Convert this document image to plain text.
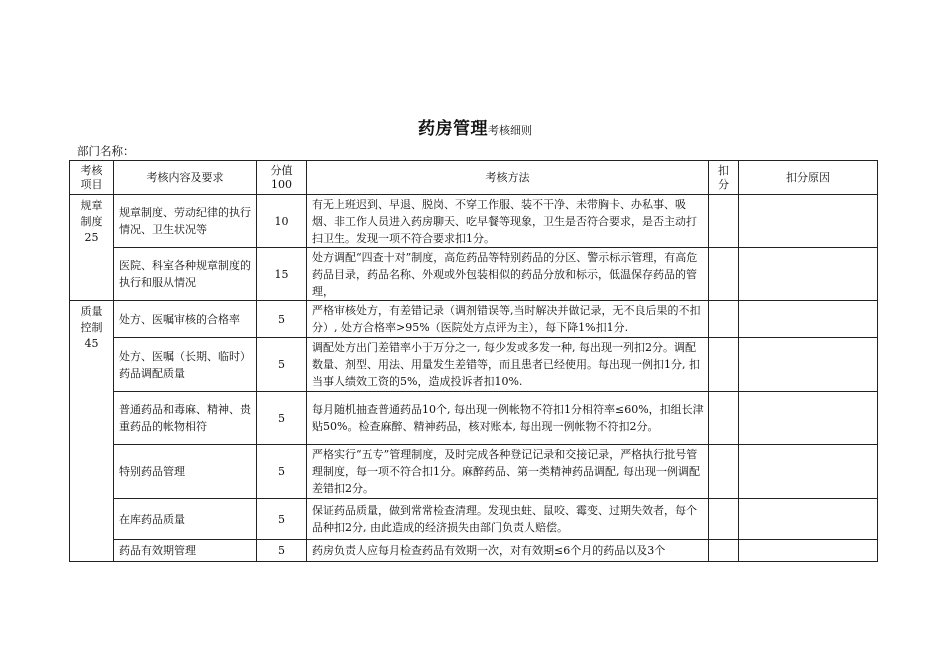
药房管理考核细则
部门名称：
考核项目	考核内容及要求	分值100	考核方法	扣分	扣分原因

规章制度25	规章制度、劳动纪律的执行情况、卫生状况等	10	有无上班迟到、早退、脱岗、不穿工作服、装不干净、未带胸卡、办私事、吸烟、非工作人员进入药房聊天、吃早餐等现象，卫生是否符合要求，是否主动打扫卫生。发现一项不符合要求扣1分。		
	医院、科室各种规章制度的执行和服从情况	15	处方调配“四查十对”制度，高危药品等特别药品的分区、警示标示管理，有高危药品目录，药品名称、外观或外包装相似的药品分放和标示，低温保存药品的管理，		

质量控制45	处方、医嘱审核的合格率	5	严格审核处方，有差错记录（调剂错误等,当时解决并做记录，无不良后果的不扣分）, 处方合格率>95%（医院处方点评为主），每下降1%扣1分.		
	处方、医嘱（长期、临时）药品调配质量	5	调配处方出门差错率小于万分之一, 每少发或多发一种, 每出现一列扣2分。调配数量、剂型、用法、用量发生差错等，而且患者已经使用。每出现一例扣1分, 扣当事人绩效工资的5%，造成投诉者扣10%.		
	普通药品和毒麻、精神、贵重药品的帐物相符	5	每月随机抽查普通药品10个, 每出现一例帐物不符扣1分相符率≤60%，扣组长津贴50%。检查麻醉、精神药品，核对账本, 每出现一例帐物不符扣2分。		
	特别药品管理	5	严格实行“五专”管理制度，及时完成各种登记记录和交接记录，严格执行批号管理制度，每一项不符合扣1分。麻醉药品、第一类精神药品调配, 每出现一例调配差错扣2分。		
	在库药品质量	5	保证药品质量，做到常常检查清理。发现虫蛀、鼠咬、霉变、过期失效者，每个品种扣2分, 由此造成的经济损失由部门负责人赔偿。		
	药品有效期管理	5	药房负责人应每月检查药品有效期一次，对有效期≤6个月的药品以及3个		
